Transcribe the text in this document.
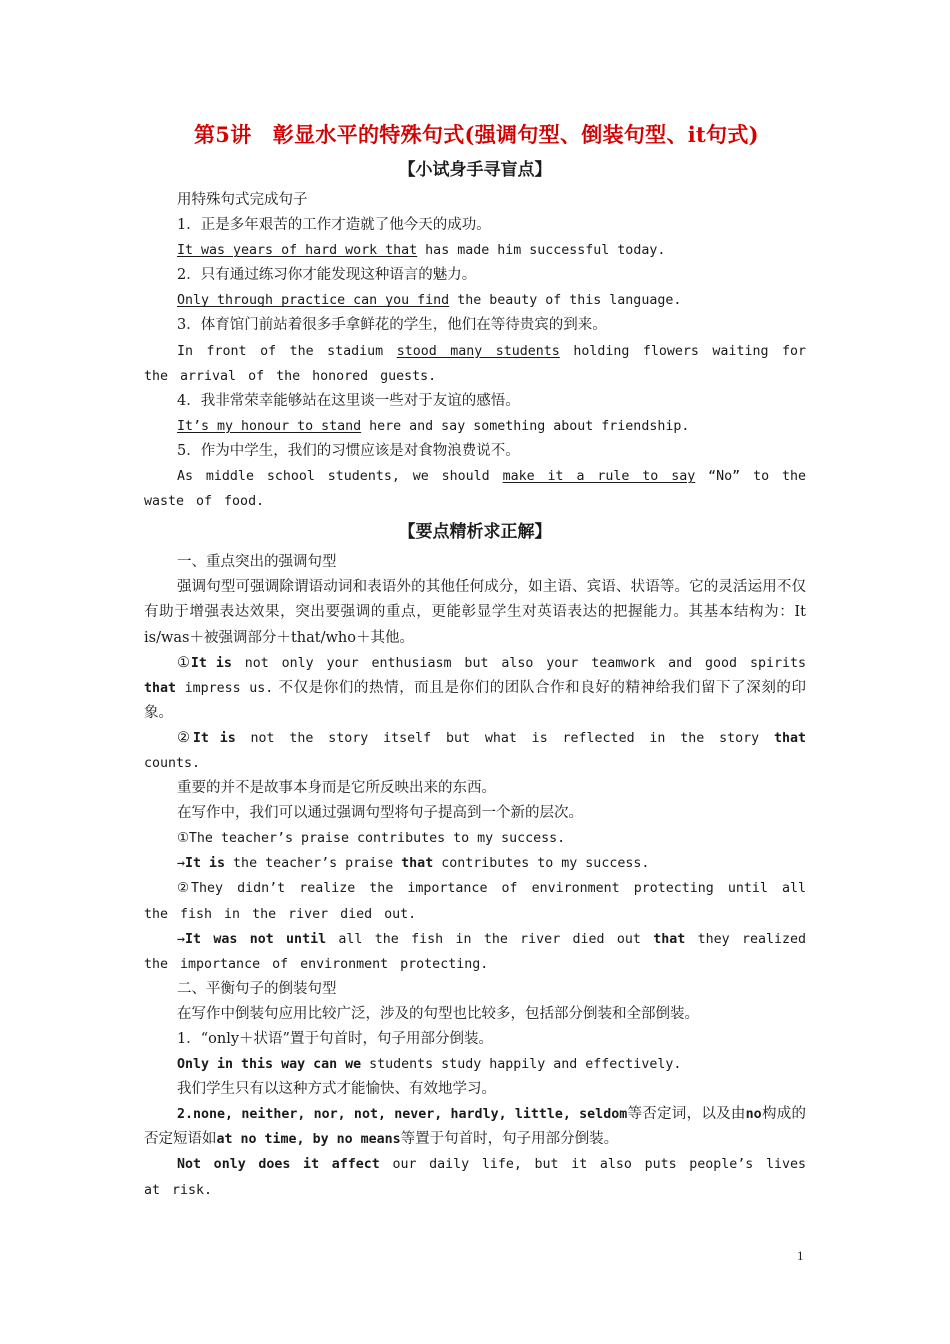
第5讲　彰显水平的特殊句式(强调句型、倒装句型、it句式)
【小试身手寻盲点】

用特殊句式完成句子

1．正是多年艰苦的工作才造就了他今天的成功。

It was years of hard work that has made him successful today.

2．只有通过练习你才能发现这种语言的魅力。

Only through practice can you find the beauty of this language.

3．体育馆门前站着很多手拿鲜花的学生，他们在等待贵宾的到来。

In front of the stadium stood many students holding flowers waiting for the arrival of the honored guests.

4．我非常荣幸能够站在这里谈一些对于友谊的感悟。

It’s my honour to stand here and say something about friendship.

5．作为中学生，我们的习惯应该是对食物浪费说不。

As middle school students, we should make it a rule to say “No” to the waste of food.

【要点精析求正解】

一、重点突出的强调句型

强调句型可强调除谓语动词和表语外的其他任何成分，如主语、宾语、状语等。它的灵活运用不仅有助于增强表达效果，突出要强调的重点，更能彰显学生对英语表达的把握能力。其基本结构为：It is/was＋被强调部分＋that/who＋其他。

①It is not only your enthusiasm but also your teamwork and good spirits that impress us. 不仅是你们的热情，而且是你们的团队合作和良好的精神给我们留下了深刻的印象。

②It is not the story itself but what is reflected in the story that counts.

重要的并不是故事本身而是它所反映出来的东西。

在写作中，我们可以通过强调句型将句子提高到一个新的层次。

①The teacher’s praise contributes to my success.

→It is the teacher’s praise that contributes to my success.

②They didn’t realize the importance of environment protecting until all the fish in the river died out.

→It was not until all the fish in the river died out that they realized the importance of environment protecting.

二、平衡句子的倒装句型

在写作中倒装句应用比较广泛，涉及的句型也比较多，包括部分倒装和全部倒装。

1．“only＋状语”置于句首时，句子用部分倒装。

Only in this way can we students study happily and effectively.

我们学生只有以这种方式才能愉快、有效地学习。

2.none, neither, nor, not, never, hardly, little, seldom等否定词，以及由no构成的否定短语如at no time, by no means等置于句首时，句子用部分倒装。

Not only does it affect our daily life, but it also puts people’s lives at risk.

1
